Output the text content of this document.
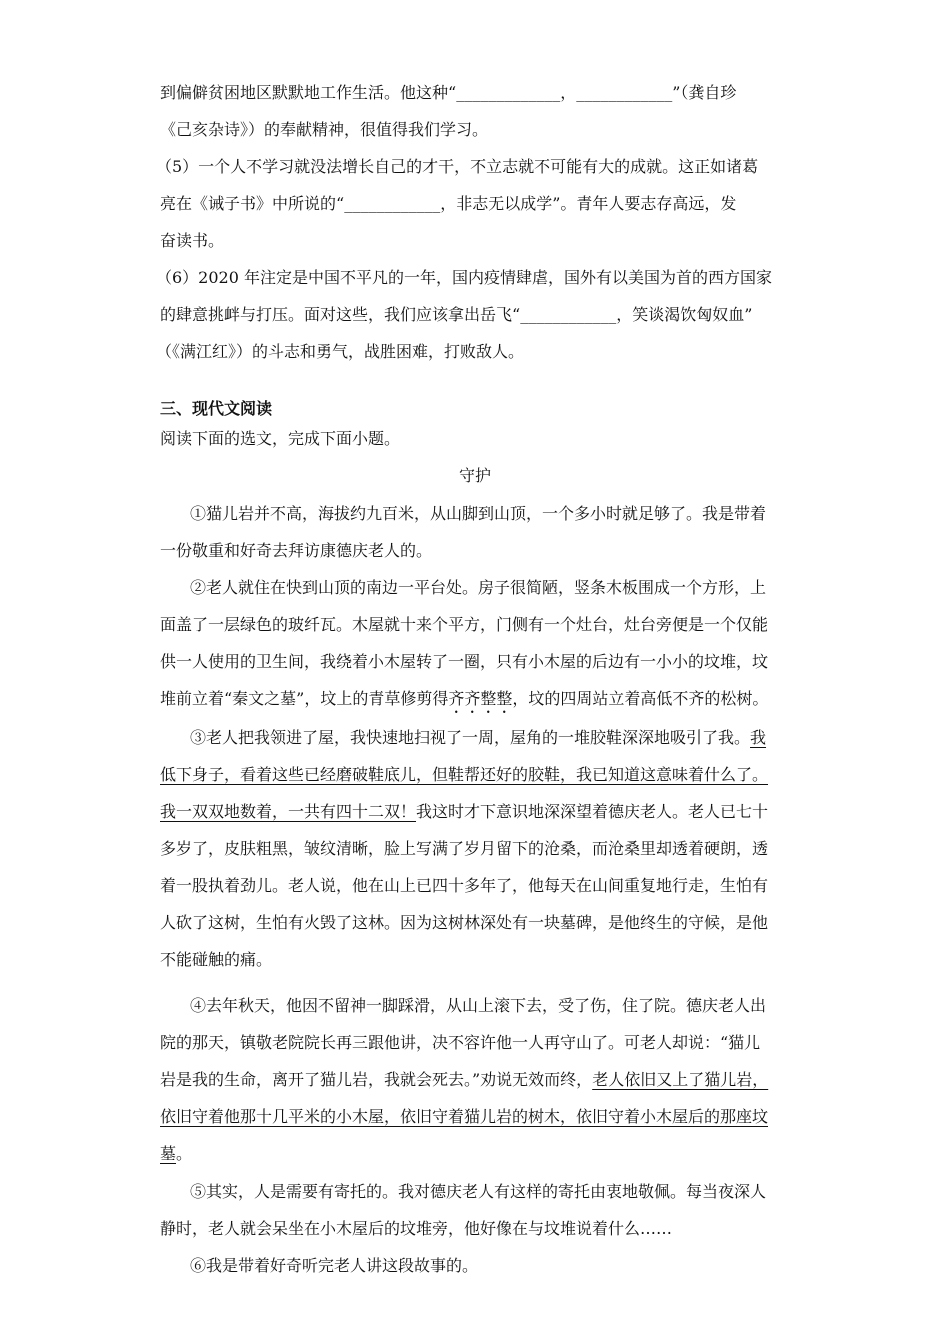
到偏僻贫困地区默默地工作生活。他这种“_____________，____________”（龚自珍
《己亥杂诗》）的奉献精神，很值得我们学习。
（5）一个人不学习就没法增长自己的才干，不立志就不可能有大的成就。这正如诸葛
亮在《诫子书》中所说的“____________，非志无以成学”。青年人要志存高远，发
奋读书。
（6）2020 年注定是中国不平凡的一年，国内疫情肆虐，国外有以美国为首的西方国家
的肆意挑衅与打压。面对这些，我们应该拿出岳飞“____________，笑谈渴饮匈奴血”
（《满江红》）的斗志和勇气，战胜困难，打败敌人。
三、现代文阅读
阅读下面的选文，完成下面小题。
守护
①猫儿岩并不高，海拔约九百米，从山脚到山顶，一个多小时就足够了。我是带着
一份敬重和好奇去拜访康德庆老人的。
②老人就住在快到山顶的南边一平台处。房子很简陋，竖条木板围成一个方形，上
面盖了一层绿色的玻纤瓦。木屋就十来个平方，门侧有一个灶台，灶台旁便是一个仅能
供一人使用的卫生间，我绕着小木屋转了一圈，只有小木屋的后边有一小小的坟堆，坟
堆前立着“秦文之墓”，坟上的青草修剪得齐齐整整，坟的四周站立着高低不齐的松树。
③老人把我领进了屋，我快速地扫视了一周，屋角的一堆胶鞋深深地吸引了我。我
低下身子，看着这些已经磨破鞋底儿，但鞋帮还好的胶鞋，我已知道这意味着什么了。
我一双双地数着，一共有四十二双！我这时才下意识地深深望着德庆老人。老人已七十
多岁了，皮肤粗黑，皱纹清晰，脸上写满了岁月留下的沧桑，而沧桑里却透着硬朗，透
着一股执着劲儿。老人说，他在山上已四十多年了，他每天在山间重复地行走，生怕有
人砍了这树，生怕有火毁了这林。因为这树林深处有一块墓碑，是他终生的守候，是他
不能碰触的痛。
④去年秋天，他因不留神一脚踩滑，从山上滚下去，受了伤，住了院。德庆老人出
院的那天，镇敬老院院长再三跟他讲，决不容许他一人再守山了。可老人却说：“猫儿
岩是我的生命，离开了猫儿岩，我就会死去。”劝说无效而终，老人依旧又上了猫儿岩，
依旧守着他那十几平米的小木屋，依旧守着猫儿岩的树木，依旧守着小木屋后的那座坟
墓。
⑤其实，人是需要有寄托的。我对德庆老人有这样的寄托由衷地敬佩。每当夜深人
静时，老人就会呆坐在小木屋后的坟堆旁，他好像在与坟堆说着什么……
⑥我是带着好奇听完老人讲这段故事的。
